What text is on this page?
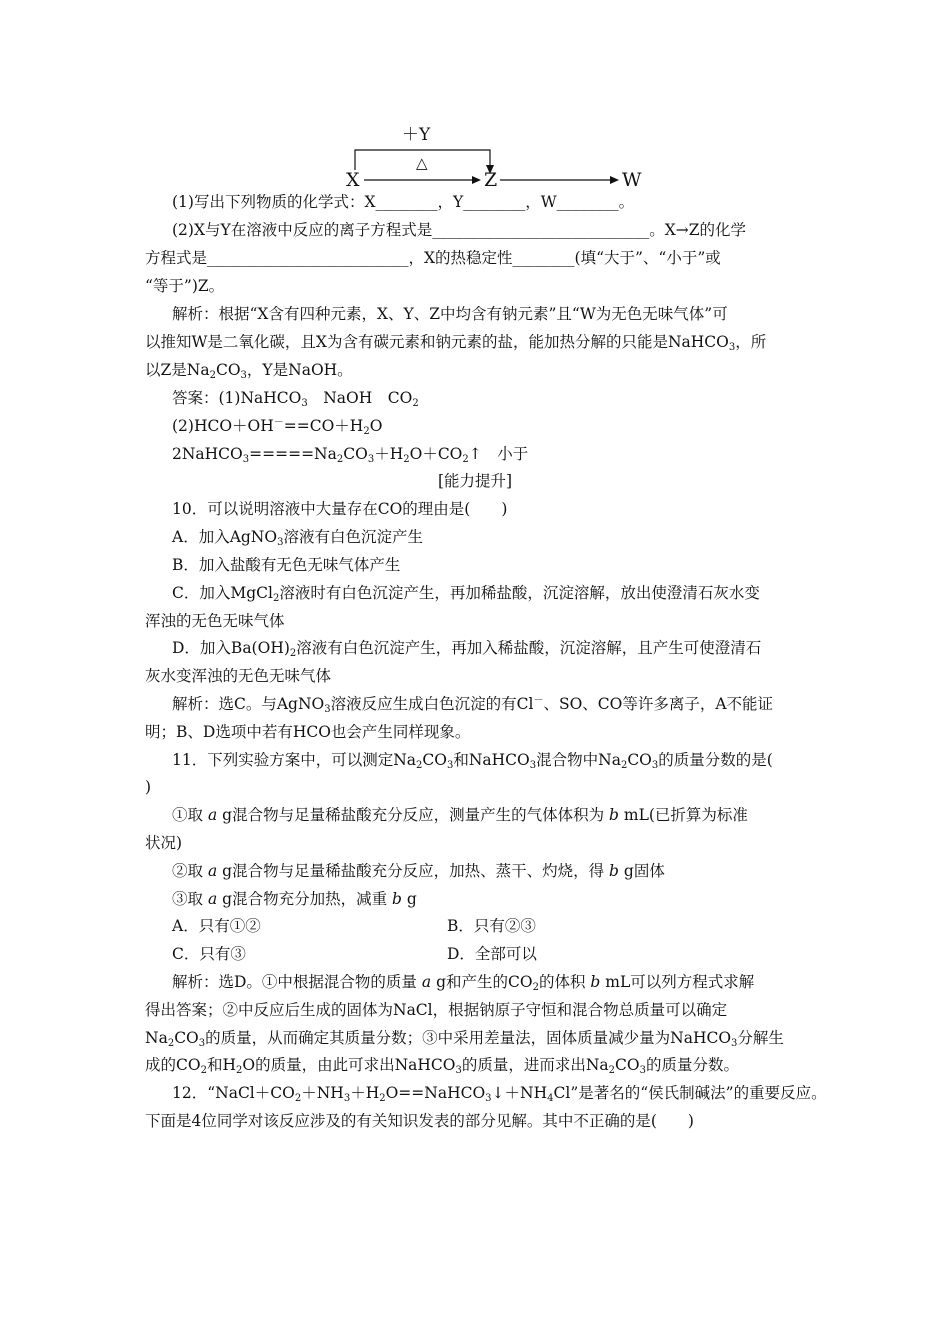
＋Y
△
X	Z	W
(1)写出下列物质的化学式：X________，Y________，W________。
(2)X与Y在溶液中反应的离子方程式是____________________________。X→Z的化学
方程式是__________________________，X的热稳定性________(填“大于”、“小于”或
“等于”)Z。
解析：根据“X含有四种元素，X、Y、Z中均含有钠元素”且“W为无色无味气体”可
以推知W是二氧化碳，且X为含有碳元素和钠元素的盐，能加热分解的只能是NaHCO$_3$，所
以Z是$Na_2CO_3$，Y是NaOH。
答案：(1)NaHCO$_3$　NaOH　$CO_2$
$(2)HCO+OH^-==CO+H_2O$
$2NaHCO_3=====Na_2CO_3+H_2O+CO_2↑$　小于
[能力提升]
10．可以说明溶液中大量存在CO的理由是(　　)
A．加入AgNO$_3$溶液有白色沉淀产生
B．加入盐酸有无色无味气体产生
C．加入MgCl$_2$溶液时有白色沉淀产生，再加稀盐酸，沉淀溶解，放出使澄清石灰水变
浑浊的无色无味气体
D．加入$Ba(OH)_2$溶液有白色沉淀产生，再加入稀盐酸，沉淀溶解，且产生可使澄清石
灰水变浑浊的无色无味气体
解析：选C。与AgNO$_3$溶液反应生成白色沉淀的有Cl－、SO、CO等许多离子，A不能证
明；B、D选项中若有HCO也会产生同样现象。
11．下列实验方案中，可以测定$Na_2CO_3$和NaHCO$_3$混合物中$Na_2CO_3$的质量分数的是(
)
①取 a g混合物与足量稀盐酸充分反应，测量产生的气体体积为 b mL(已折算为标准
状况)
②取 a g混合物与足量稀盐酸充分反应，加热、蒸干、灼烧，得 b g固体
③取 a g混合物充分加热，减重 b g
A．只有①②	B．只有②③
C．只有③	D．全部可以
解析：选D。①中根据混合物的质量 a g和产生的$CO_2$的体积 b mL可以列方程式求解
得出答案；②中反应后生成的固体为NaCl，根据钠原子守恒和混合物总质量可以确定
$Na_2CO_3$的质量，从而确定其质量分数；③中采用差量法，固体质量减少量为NaHCO$_3$分解生
成的$CO_2$和$H_2O$的质量，由此可求出NaHCO$_3$的质量，进而求出$Na_2CO_3$的质量分数。
12．“$NaCl+CO_2+NH_3+H_2O==NaHCO_3↓+NH_4Cl$”是著名的“侯氏制碱法”的重要反应。
下面是4位同学对该反应涉及的有关知识发表的部分见解。其中不正确的是(　　)
